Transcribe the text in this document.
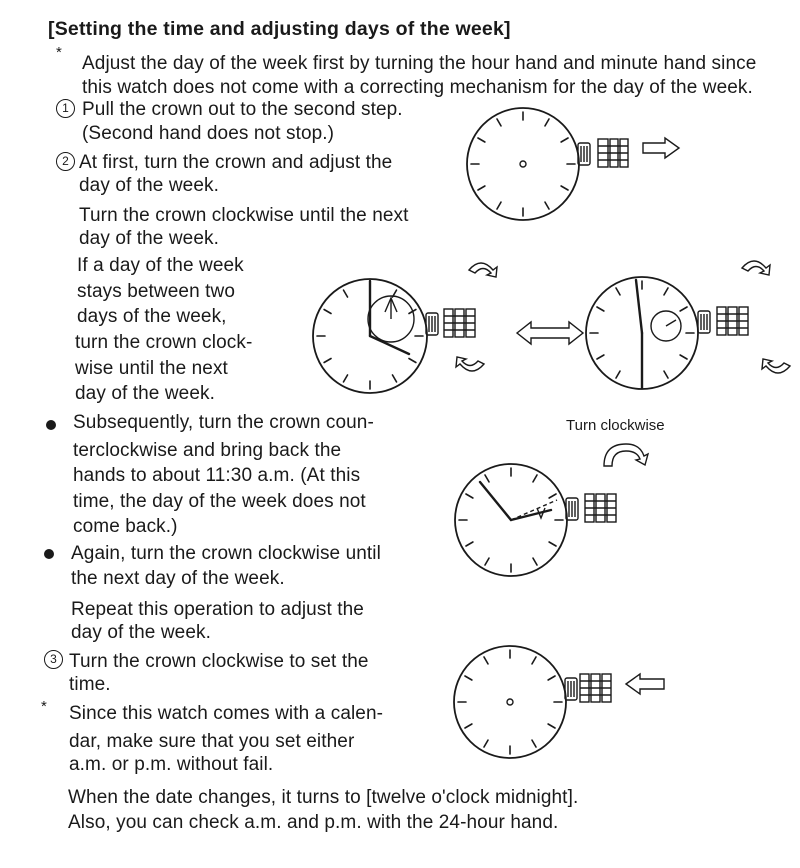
[Setting the time and adjusting days of the week]
*
Adjust the day of the week first by turning the hour hand and minute hand since
this watch does not come with a correcting mechanism for the day of the week.
1 Pull the crown out to the second step.
(Second hand does not stop.)
2 At first, turn the crown and adjust the
day of the week.
Turn the crown clockwise until the next
day of the week.
If a day of the week
stays between two
days of the week,
turn the crown clock-
wise until the next
day of the week.
Subsequently, turn the crown coun-
terclockwise and bring back the
hands to about 11:30 a.m. (At this
time, the day of the week does not
come back.)
Again, turn the crown clockwise until
the next day of the week.
Repeat this operation to adjust the
day of the week.
3 Turn the crown clockwise to set the
time.
* Since this watch comes with a calen-
dar, make sure that you set either
a.m. or p.m. without fail.
When the date changes, it turns to [twelve o'clock midnight].
Also, you can check a.m. and p.m. with the 24-hour hand.
Turn clockwise
